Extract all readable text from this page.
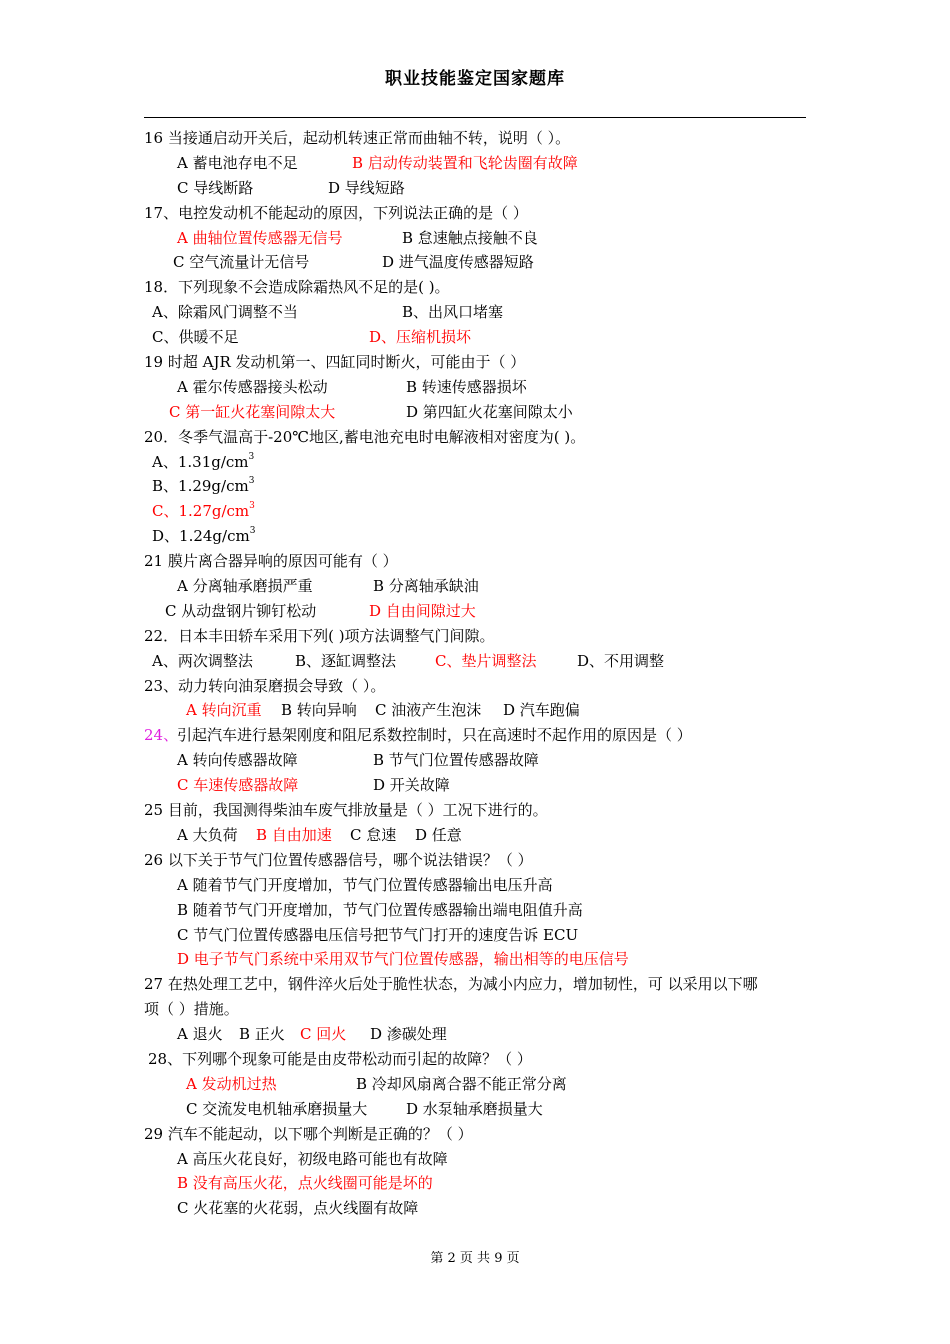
职业技能鉴定国家题库
16 当接通启动开关后，起动机转速正常而曲轴不转，说明（ ）。
A 蓄电池存电不足	B 启动传动装置和飞轮齿圈有故障
C 导线断路	D 导线短路
17、电控发动机不能起动的原因，下列说法正确的是（ ）
A 曲轴位置传感器无信号	B 怠速触点接触不良
C 空气流量计无信号	D 进气温度传感器短路
18．下列现象不会造成除霜热风不足的是( )。
A、除霜风门调整不当	B、出风口堵塞
C、供暖不足	D、压缩机损坏
19 时超 AJR 发动机第一、四缸同时断火，可能由于（ ）
A 霍尔传感器接头松动	B 转速传感器损坏
C 第一缸火花塞间隙太大	D 第四缸火花塞间隙太小
20．冬季气温高于-20℃地区,蓄电池充电时电解液相对密度为( )。
A、$1.31g/cm^3$
B、$1.29g/cm^3$
C、$1.27g/cm^3$
D、$1.24g/cm^3$
21 膜片离合器异响的原因可能有（ ）
A 分离轴承磨损严重	B 分离轴承缺油
C 从动盘钢片铆钉松动	D 自由间隙过大
22．日本丰田轿车采用下列( )项方法调整气门间隙。
A、两次调整法	B、逐缸调整法	C、垫片调整法	D、不用调整
23、动力转向油泵磨损会导致（ ）。
A 转向沉重 B 转向异响 C 油液产生泡沫 D 汽车跑偏
24、
引起汽车进行悬架刚度和阻尼系数控制时，只在高速时不起作用的原因是（ ）
A 转向传感器故障	B 节气门位置传感器故障
C 车速传感器故障	D 开关故障
25 目前，我国测得柴油车废气排放量是（ ）工况下进行的。
A 大负荷 B 自由加速 C 怠速 D 任意
26 以下关于节气门位置传感器信号，哪个说法错误？（ ）
A 随着节气门开度增加，节气门位置传感器输出电压升高
B 随着节气门开度增加，节气门位置传感器输出端电阻值升高
C 节气门位置传感器电压信号把节气门打开的速度告诉 ECU
D 电子节气门系统中采用双节气门位置传感器，输出相等的电压信号
27 在热处理工艺中，钢件淬火后处于脆性状态，为减小内应力，增加韧性，可 以采用以下哪
项（ ）措施。
A 退火 B 正火 C 回火 D 渗碳处理
28、下列哪个现象可能是由皮带松动而引起的故障？（ ）
A 发动机过热	B 冷却风扇离合器不能正常分离
C 交流发电机轴承磨损量大	D 水泵轴承磨损量大
29 汽车不能起动，以下哪个判断是正确的？（ ）
A 高压火花良好，初级电路可能也有故障
B 没有高压火花，点火线圈可能是坏的
C 火花塞的火花弱，点火线圈有故障
第 2 页 共 9 页
